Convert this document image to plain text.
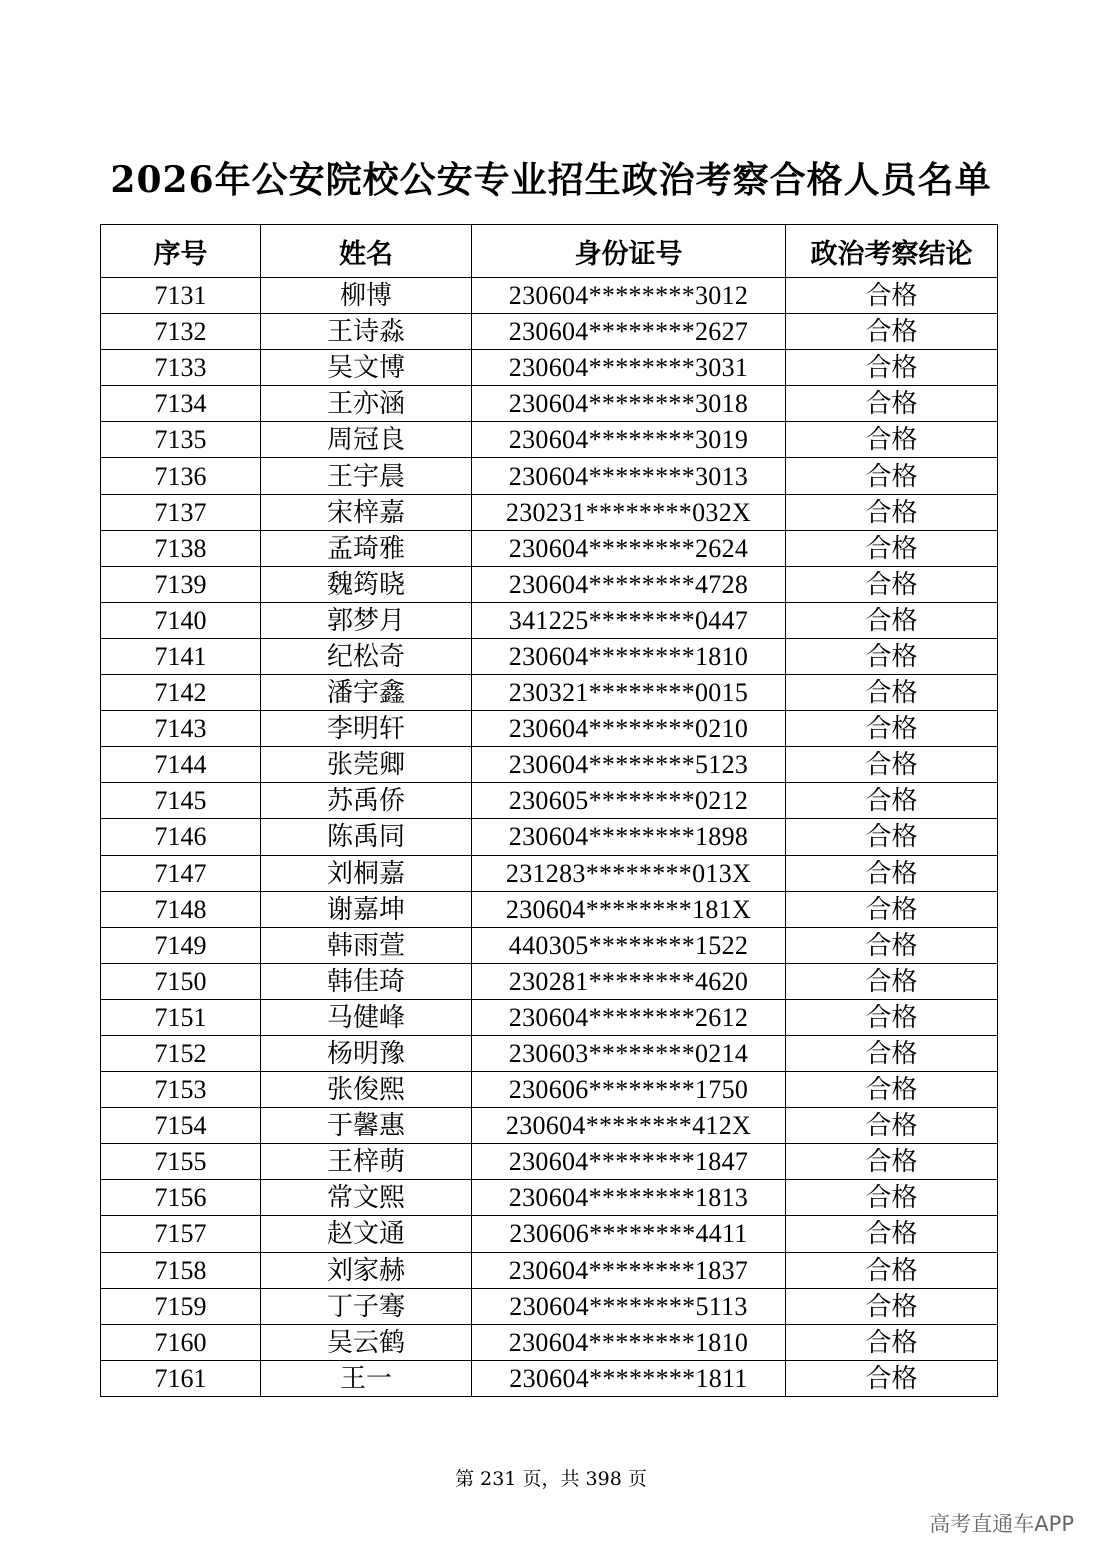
2026年公安院校公安专业招生政治考察合格人员名单
序号	姓名	身份证号	政治考察结论
7131	柳博	230604********3012	合格
7132	王诗淼	230604********2627	合格
7133	吴文博	230604********3031	合格
7134	王亦涵	230604********3018	合格
7135	周冠良	230604********3019	合格
7136	王宇晨	230604********3013	合格
7137	宋梓嘉	230231********032X	合格
7138	孟琦雅	230604********2624	合格
7139	魏筠晓	230604********4728	合格
7140	郭梦月	341225********0447	合格
7141	纪松奇	230604********1810	合格
7142	潘宇鑫	230321********0015	合格
7143	李明轩	230604********0210	合格
7144	张莞卿	230604********5123	合格
7145	苏禹侨	230605********0212	合格
7146	陈禹同	230604********1898	合格
7147	刘桐嘉	231283********013X	合格
7148	谢嘉坤	230604********181X	合格
7149	韩雨萱	440305********1522	合格
7150	韩佳琦	230281********4620	合格
7151	马健峰	230604********2612	合格
7152	杨明豫	230603********0214	合格
7153	张俊熙	230606********1750	合格
7154	于馨惠	230604********412X	合格
7155	王梓萌	230604********1847	合格
7156	常文熙	230604********1813	合格
7157	赵文通	230606********4411	合格
7158	刘家赫	230604********1837	合格
7159	丁子骞	230604********5113	合格
7160	吴云鹤	230604********1810	合格
7161	王一	230604********1811	合格
第 231 页，共 398 页
高考直通车APP
